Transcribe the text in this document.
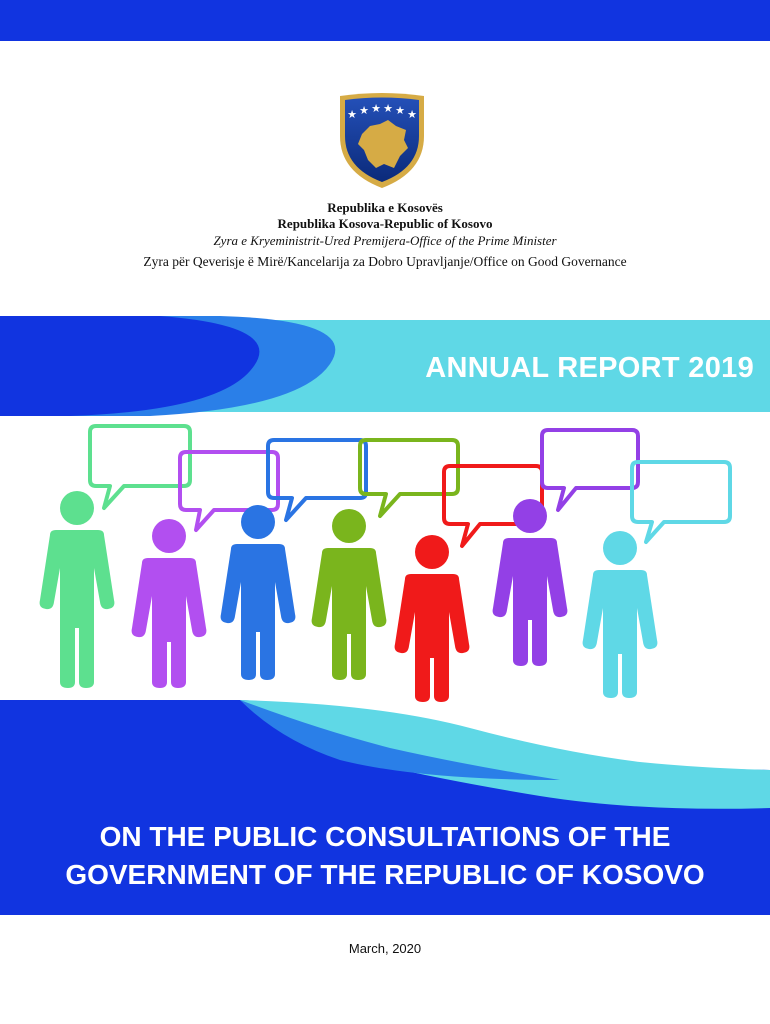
★ ★ ★ ★ ★ ★
Republika e Kosovës
Republika Kosova-Republic of Kosovo
Zyra e Kryeministrit-Ured Premijera-Office of the Prime Minister
Zyra për Qeverisje ë Mirë/Kancelarija za Dobro Upravljanje/Office on Good Governance
ANNUAL REPORT 2019
ON THE PUBLIC CONSULTATIONS OF THE
GOVERNMENT OF THE REPUBLIC OF KOSOVO
March, 2020
